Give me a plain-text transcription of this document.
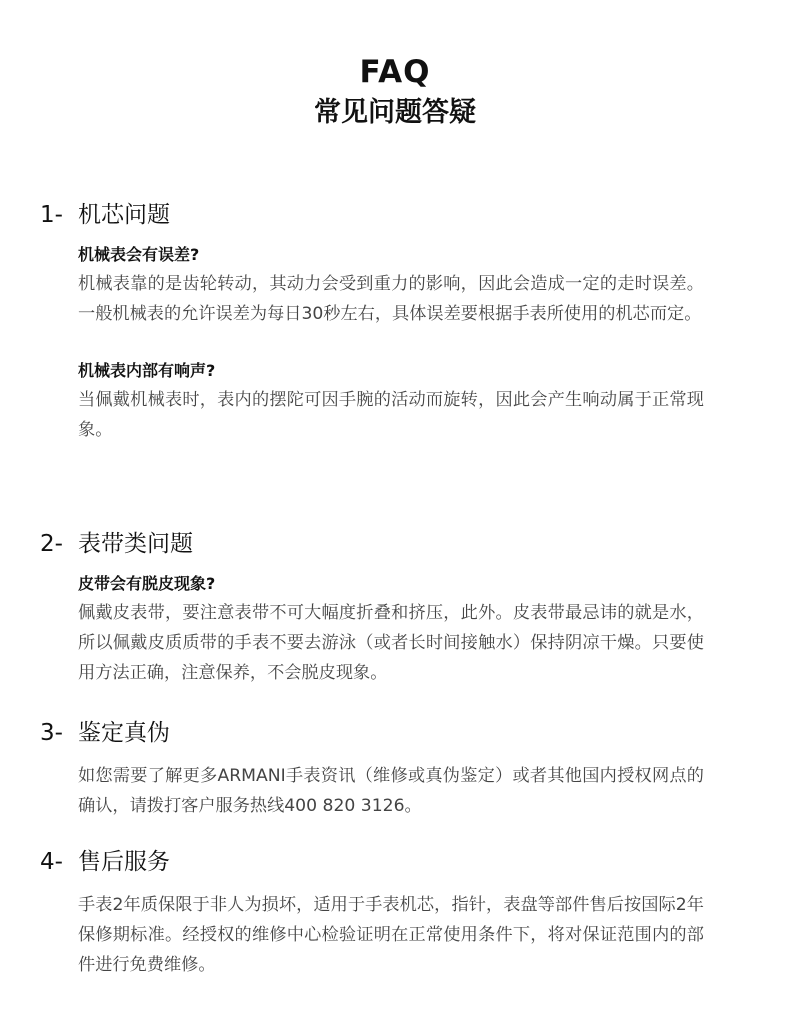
FAQ
常见问题答疑
1- 机芯问题
机械表会有误差?
机械表靠的是齿轮转动，其动力会受到重力的影响，因此会造成一定的走时误差。一般机械表的允许误差为每日30秒左右，具体误差要根据手表所使用的机芯而定。
机械表内部有响声?
当佩戴机械表时，表内的摆陀可因手腕的活动而旋转，因此会产生响动属于正常现象。
2- 表带类问题
皮带会有脱皮现象?
佩戴皮表带，要注意表带不可大幅度折叠和挤压，此外。皮表带最忌讳的就是水，所以佩戴皮质质带的手表不要去游泳（或者长时间接触水）保持阴凉干燥。只要使用方法正确，注意保养，不会脱皮现象。
3- 鉴定真伪
如您需要了解更多ARMANI手表资讯（维修或真伪鉴定）或者其他国内授权网点的确认，请拨打客户服务热线400 820 3126。
4- 售后服务
手表2年质保限于非人为损坏，适用于手表机芯，指针，表盘等部件售后按国际2年保修期标准。经授权的维修中心检验证明在正常使用条件下，将对保证范围内的部件进行免费维修。
